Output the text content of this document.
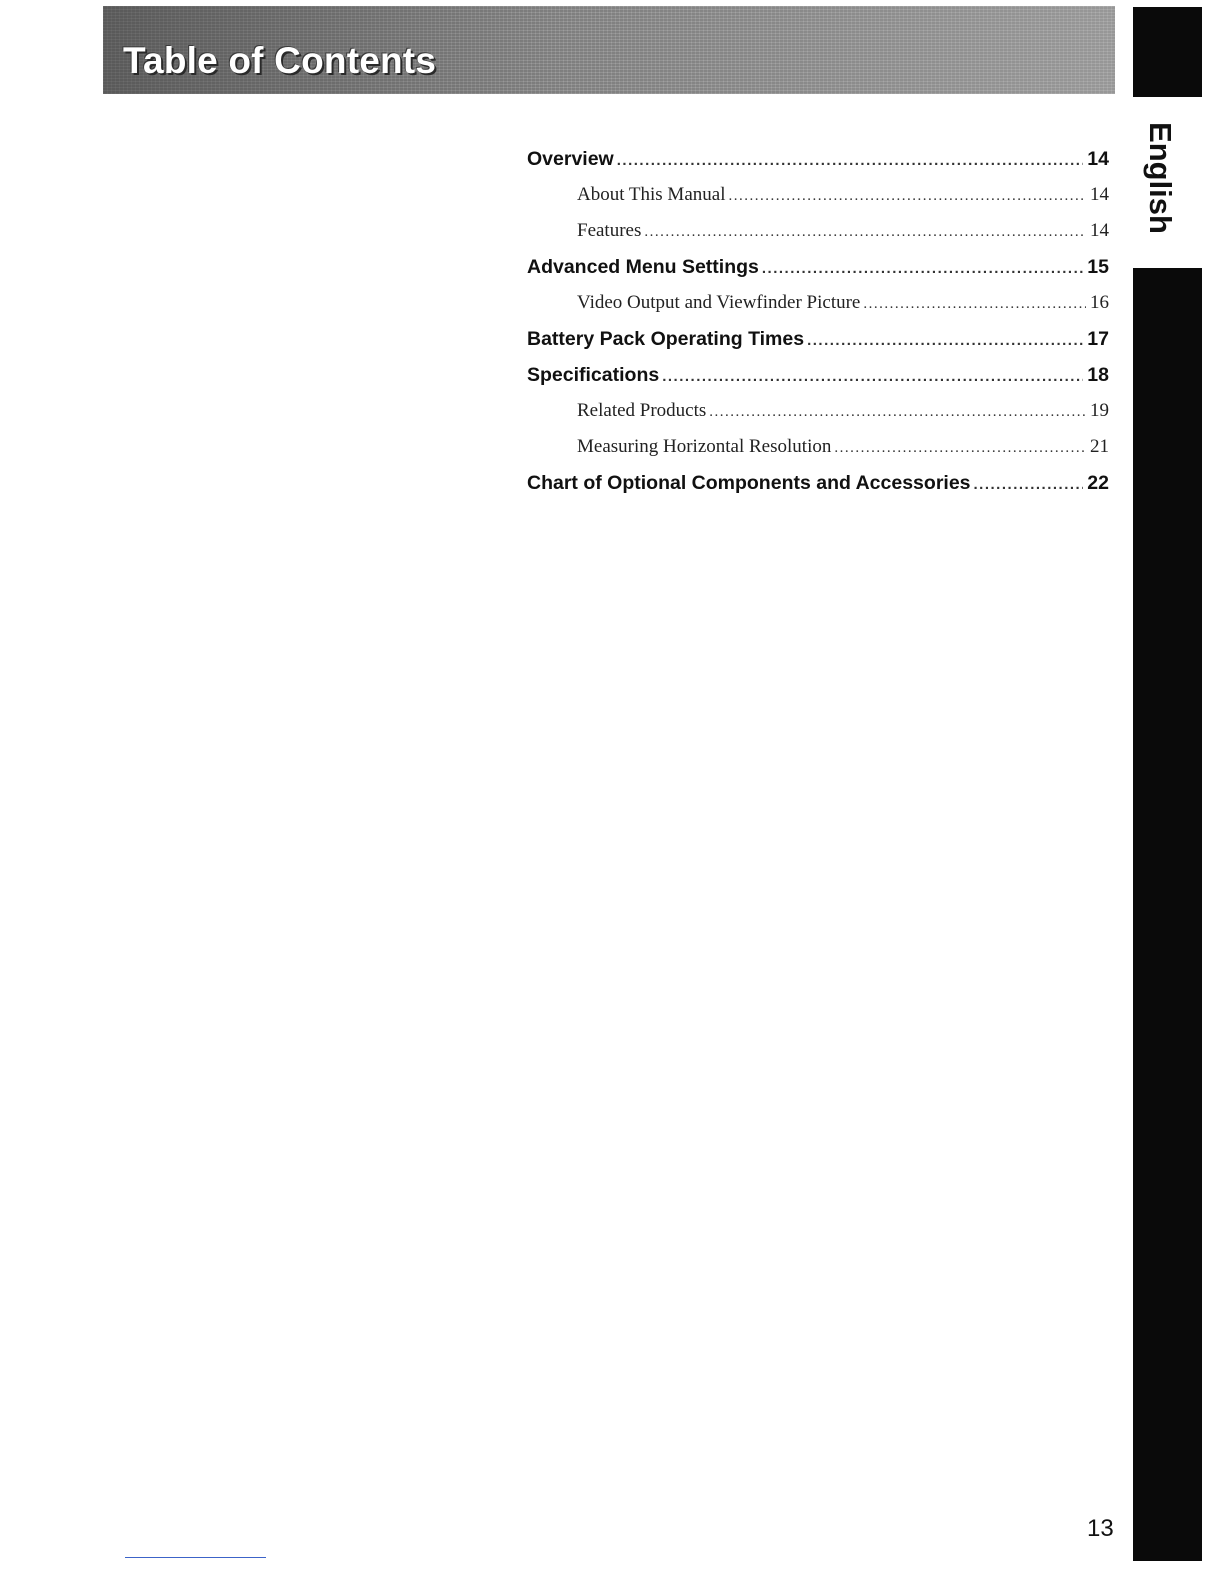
Table of Contents
English
Overview .....	14
About This Manual .....	14
Features .....	14
Advanced Menu Settings .....	15
Video Output and Viewfinder Picture .....	16
Battery Pack Operating Times .....	17
Specifications .....	18
Related Products .....	19
Measuring Horizontal Resolution .....	21
Chart of Optional Components and Accessories .....	22
13
